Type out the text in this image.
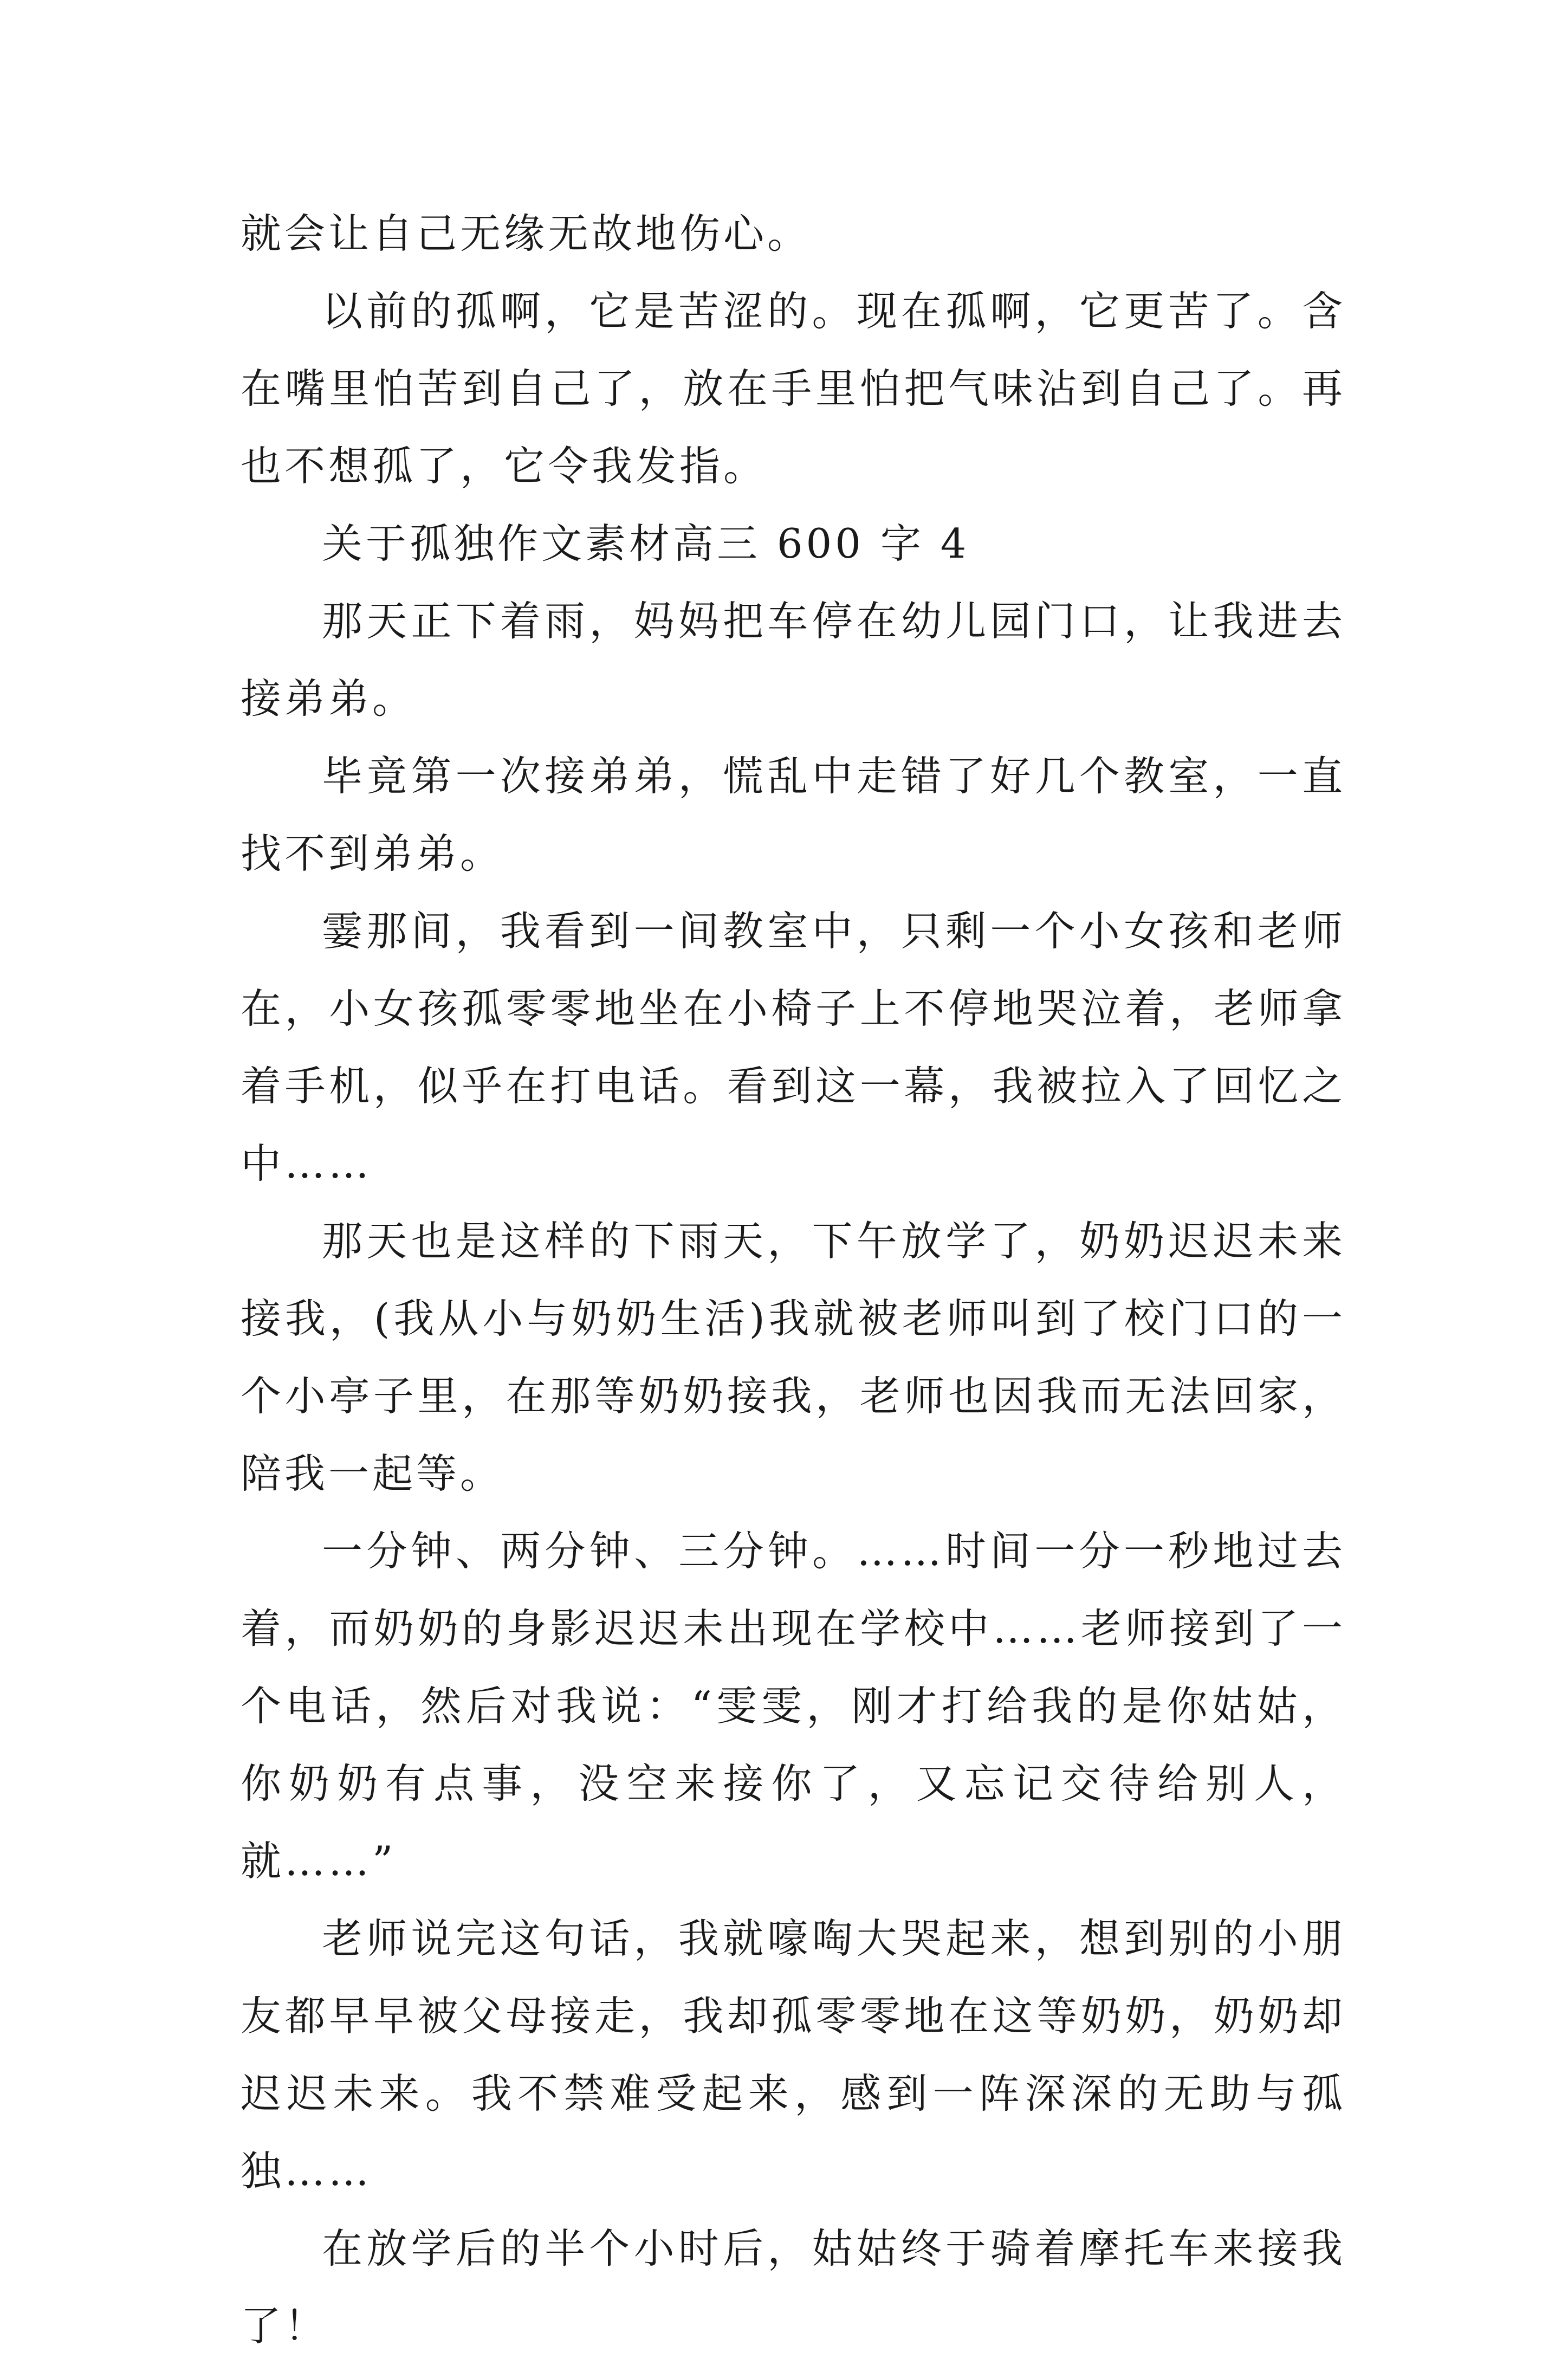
就会让自己无缘无故地伤心。

以前的孤啊，它是苦涩的。现在孤啊，它更苦了。含在嘴里怕苦到自己了，放在手里怕把气味沾到自己了。再也不想孤了，它令我发指。

关于孤独作文素材高三 600 字 4

那天正下着雨，妈妈把车停在幼儿园门口，让我进去接弟弟。

毕竟第一次接弟弟，慌乱中走错了好几个教室，一直找不到弟弟。

霎那间，我看到一间教室中，只剩一个小女孩和老师在，小女孩孤零零地坐在小椅子上不停地哭泣着，老师拿着手机，似乎在打电话。看到这一幕，我被拉入了回忆之中……

那天也是这样的下雨天，下午放学了，奶奶迟迟未来接我，(我从小与奶奶生活)我就被老师叫到了校门口的一个小亭子里，在那等奶奶接我，老师也因我而无法回家，陪我一起等。

一分钟、两分钟、三分钟。……时间一分一秒地过去着，而奶奶的身影迟迟未出现在学校中……老师接到了一个电话，然后对我说：“雯雯，刚才打给我的是你姑姑，你奶奶有点事，没空来接你了，又忘记交待给别人，就……”

老师说完这句话，我就嚎啕大哭起来，想到别的小朋友都早早被父母接走，我却孤零零地在这等奶奶，奶奶却迟迟未来。我不禁难受起来，感到一阵深深的无助与孤独……

在放学后的半个小时后，姑姑终于骑着摩托车来接我了！
